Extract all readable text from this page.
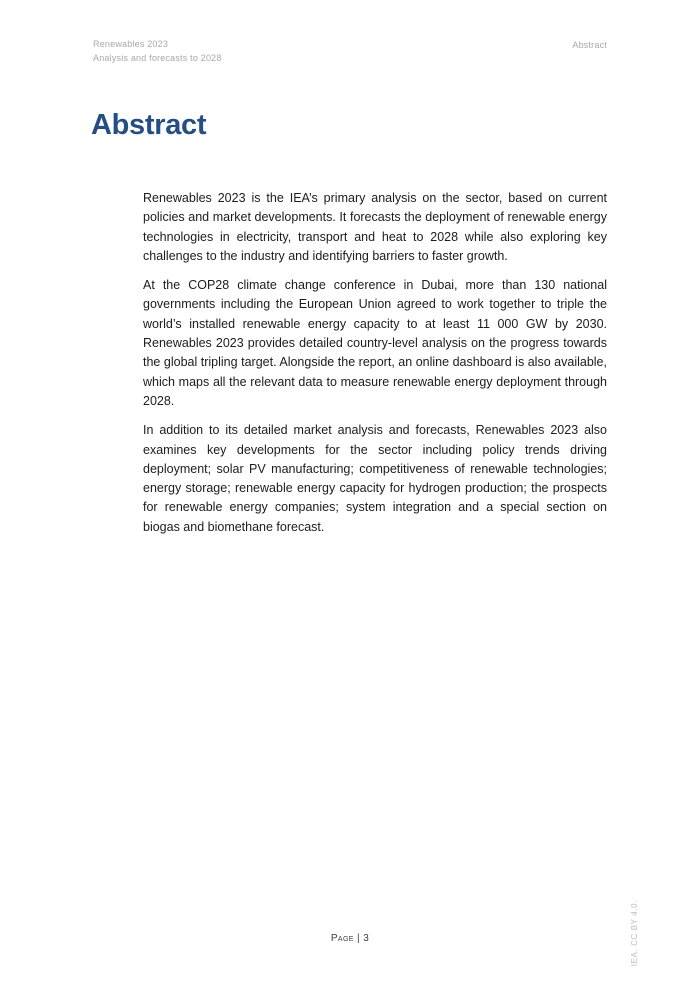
Renewables 2023
Analysis and forecasts to 2028
Abstract
Abstract

Renewables 2023 is the IEA’s primary analysis on the sector, based on current policies and market developments. It forecasts the deployment of renewable energy technologies in electricity, transport and heat to 2028 while also exploring key challenges to the industry and identifying barriers to faster growth.

At the COP28 climate change conference in Dubai, more than 130 national governments including the European Union agreed to work together to triple the world’s installed renewable energy capacity to at least 11 000 GW by 2030. Renewables 2023 provides detailed country-level analysis on the progress towards the global tripling target. Alongside the report, an online dashboard is also available, which maps all the relevant data to measure renewable energy deployment through 2028.

In addition to its detailed market analysis and forecasts, Renewables 2023 also examines key developments for the sector including policy trends driving deployment; solar PV manufacturing; competitiveness of renewable technologies; energy storage; renewable energy capacity for hydrogen production; the prospects for renewable energy companies; system integration and a special section on biogas and biomethane forecast.

Page | 3	IEA. CC BY 4.0.
